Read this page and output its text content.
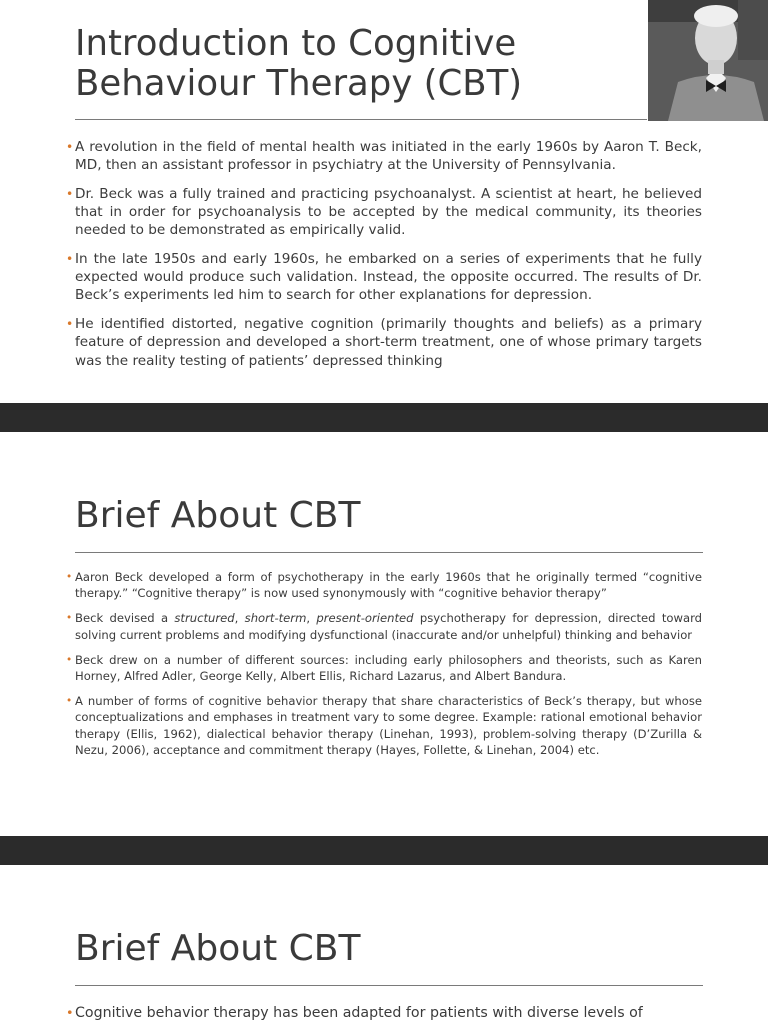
Introduction to Cognitive
Behaviour Therapy (CBT)
• A revolution in the field of mental health was initiated in the early 1960s by Aaron T. Beck, MD, then an assistant professor in psychiatry at the University of Pennsylvania.
• Dr. Beck was a fully trained and practicing psychoanalyst. A scientist at heart, he believed that in order for psychoanalysis to be accepted by the medical community, its theories needed to be demonstrated as empirically valid.
• In the late 1950s and early 1960s, he embarked on a series of experiments that he fully expected would produce such validation. Instead, the opposite occurred. The results of Dr. Beck’s experiments led him to search for other explanations for depression.
• He identified distorted, negative cognition (primarily thoughts and beliefs) as a primary feature of depression and developed a short-term treatment, one of whose primary targets was the reality testing of patients’ depressed thinking
Brief About CBT
• Aaron Beck developed a form of psychotherapy in the early 1960s that he originally termed “cognitive therapy.” “Cognitive therapy” is now used synonymously with “cognitive behavior therapy”
• Beck devised a structured, short-term, present-oriented psychotherapy for depression, directed toward solving current problems and modifying dysfunctional (inaccurate and/or unhelpful) thinking and behavior
• Beck drew on a number of different sources: including early philosophers and theorists, such as Karen Horney, Alfred Adler, George Kelly, Albert Ellis, Richard Lazarus, and Albert Bandura.
• A number of forms of cognitive behavior therapy that share characteristics of Beck’s therapy, but whose conceptualizations and emphases in treatment vary to some degree. Example: rational emotional behavior therapy (Ellis, 1962), dialectical behavior therapy (Linehan, 1993), problem-solving therapy (D’Zurilla & Nezu, 2006), acceptance and commitment therapy (Hayes, Follette, & Linehan, 2004) etc.
Brief About CBT
• Cognitive behavior therapy has been adapted for patients with diverse levels of
